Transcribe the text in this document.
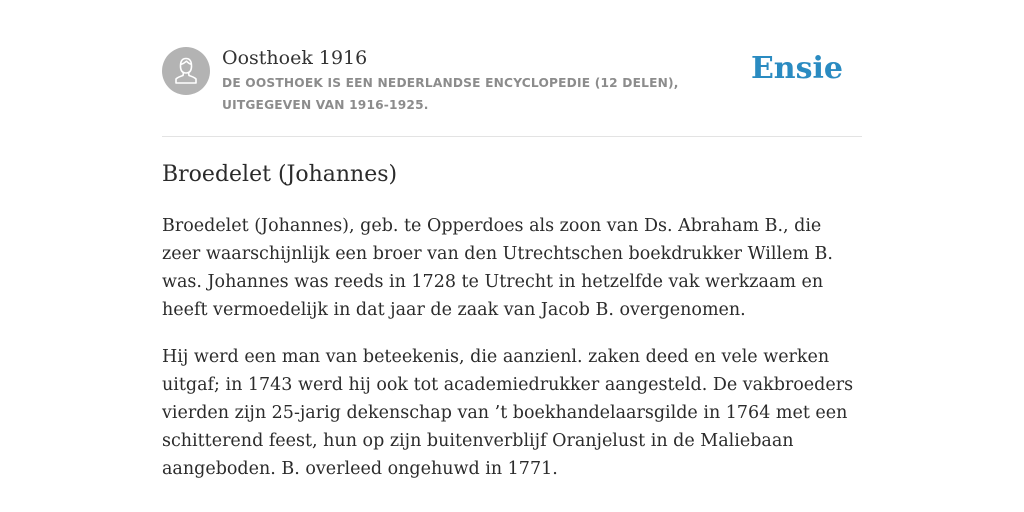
Oosthoek 1916
DE OOSTHOEK IS EEN NEDERLANDSE ENCYCLOPEDIE (12 DELEN), UITGEGEVEN VAN 1916-1925.
Ensie
Broedelet (Johannes)

Broedelet (Johannes), geb. te Opperdoes als zoon van Ds. Abraham B., die zeer waarschijnlijk een broer van den Utrechtschen boekdrukker Willem B. was. Johannes was reeds in 1728 te Utrecht in hetzelfde vak werkzaam en heeft vermoedelijk in dat jaar de zaak van Jacob B. overgenomen.

Hij werd een man van beteekenis, die aanzienl. zaken deed en vele werken uitgaf; in 1743 werd hij ook tot academiedrukker aangesteld. De vakbroeders vierden zijn 25-jarig dekenschap van ’t boekhandelaarsgilde in 1764 met een schitterend feest, hun op zijn buitenverblijf Oranjelust in de Maliebaan aangeboden. B. overleed ongehuwd in 1771.
